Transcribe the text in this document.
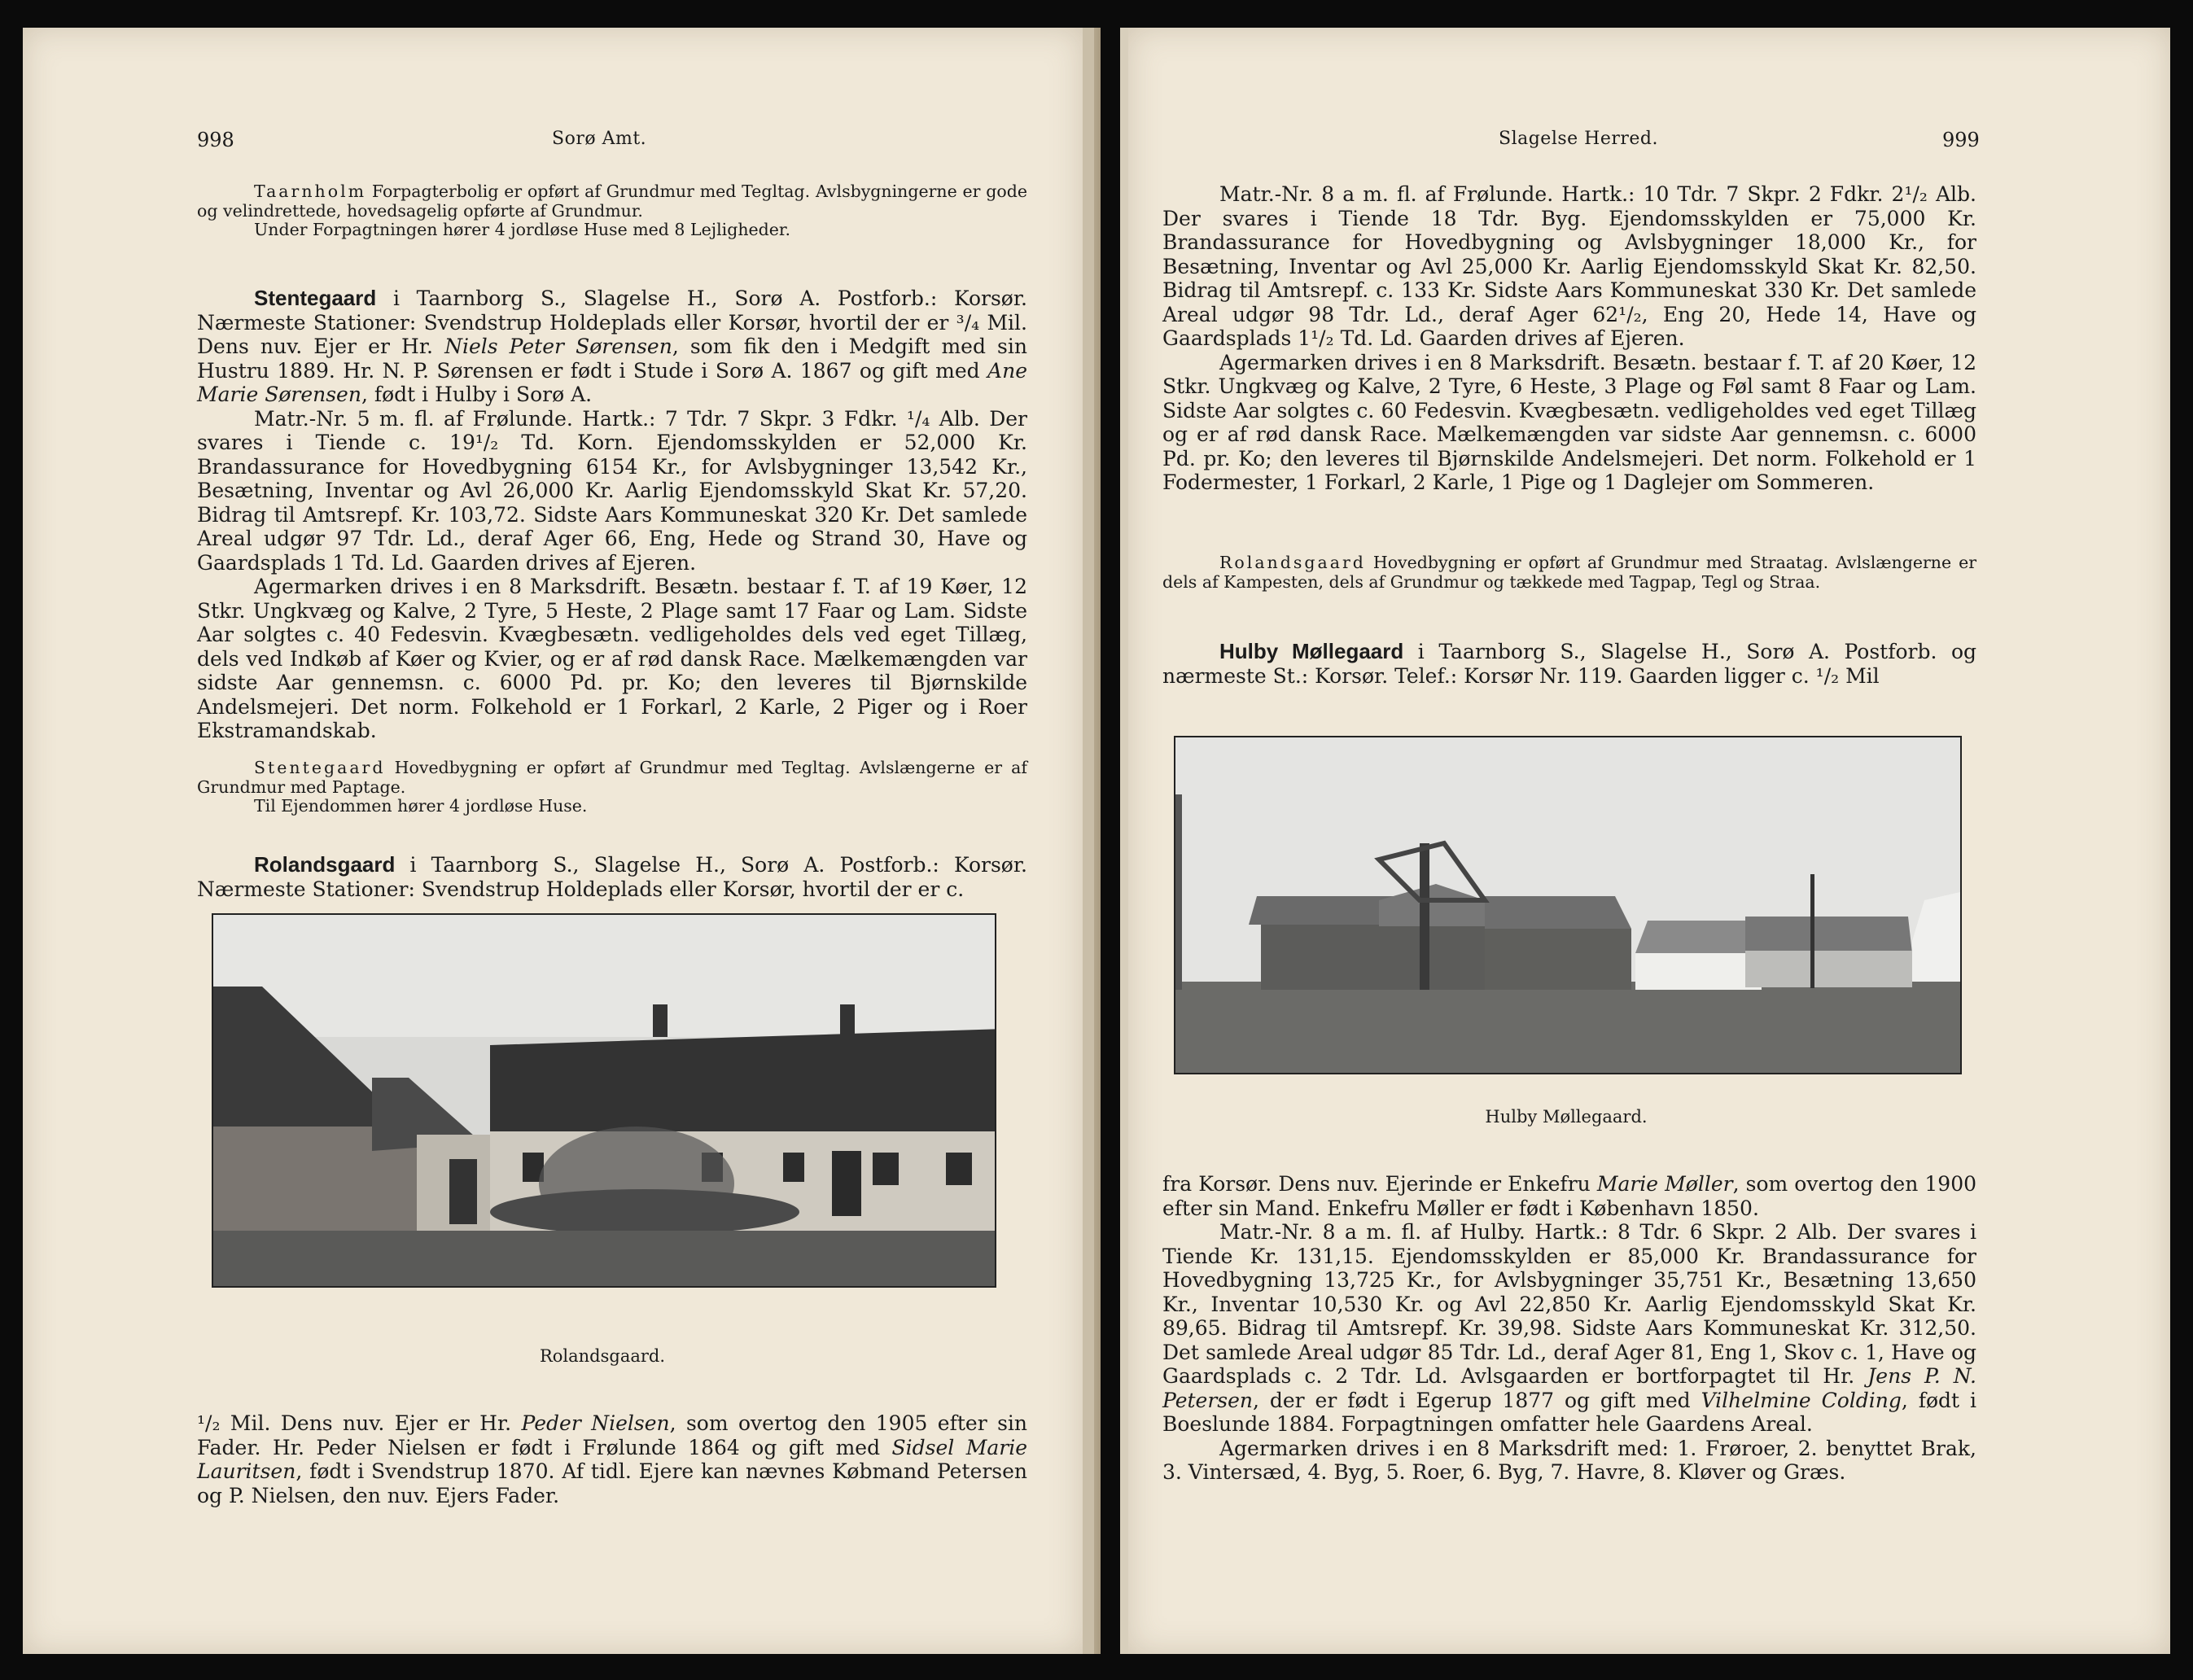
998	Sorø Amt.

Taarnholm Forpagterbolig er opført af Grundmur med Tegltag. Avlsbygningerne er gode og velindrettede, hovedsagelig opførte af Grundmur.

Under Forpagtningen hører 4 jordløse Huse med 8 Lejligheder.

Stentegaard i Taarnborg S., Slagelse H., Sorø A. Postforb.: Korsør. Nærmeste Stationer: Svendstrup Holdeplads eller Korsør, hvortil der er ³/₄ Mil. Dens nuv. Ejer er Hr. Niels Peter Sørensen, som fik den i Medgift med sin Hustru 1889. Hr. N. P. Sørensen er født i Stude i Sorø A. 1867 og gift med Ane Marie Sørensen, født i Hulby i Sorø A.

Matr.-Nr. 5 m. fl. af Frølunde. Hartk.: 7 Tdr. 7 Skpr. 3 Fdkr. ¹/₄ Alb. Der svares i Tiende c. 19¹/₂ Td. Korn. Ejendomsskylden er 52,000 Kr. Brandassurance for Hovedbygning 6154 Kr., for Avlsbygninger 13,542 Kr., Besætning, Inventar og Avl 26,000 Kr. Aarlig Ejendomsskyld Skat Kr. 57,20. Bidrag til Amtsrepf. Kr. 103,72. Sidste Aars Kommuneskat 320 Kr. Det samlede Areal udgør 97 Tdr. Ld., deraf Ager 66, Eng, Hede og Strand 30, Have og Gaardsplads 1 Td. Ld. Gaarden drives af Ejeren.

Agermarken drives i en 8 Marksdrift. Besætn. bestaar f. T. af 19 Køer, 12 Stkr. Ungkvæg og Kalve, 2 Tyre, 5 Heste, 2 Plage samt 17 Faar og Lam. Sidste Aar solgtes c. 40 Fedesvin. Kvægbesætn. vedligeholdes dels ved eget Tillæg, dels ved Indkøb af Køer og Kvier, og er af rød dansk Race. Mælkemængden var sidste Aar gennemsn. c. 6000 Pd. pr. Ko; den leveres til Bjørnskilde Andelsmejeri. Det norm. Folkehold er 1 Forkarl, 2 Karle, 2 Piger og i Roer Ekstramandskab.

Stentegaard Hovedbygning er opført af Grundmur med Tegltag. Avlslængerne er af Grundmur med Paptage.

Til Ejendommen hører 4 jordløse Huse.

Rolandsgaard i Taarnborg S., Slagelse H., Sorø A. Postforb.: Korsør. Nærmeste Stationer: Svendstrup Holdeplads eller Korsør, hvortil der er c.

Rolandsgaard.

¹/₂ Mil. Dens nuv. Ejer er Hr. Peder Nielsen, som overtog den 1905 efter sin Fader. Hr. Peder Nielsen er født i Frølunde 1864 og gift med Sidsel Marie Lauritsen, født i Svendstrup 1870. Af tidl. Ejere kan nævnes Købmand Petersen og P. Nielsen, den nuv. Ejers Fader.

Slagelse Herred.	999

Matr.-Nr. 8 a m. fl. af Frølunde. Hartk.: 10 Tdr. 7 Skpr. 2 Fdkr. 2¹/₂ Alb. Der svares i Tiende 18 Tdr. Byg. Ejendomsskylden er 75,000 Kr. Brandassurance for Hovedbygning og Avlsbygninger 18,000 Kr., for Besætning, Inventar og Avl 25,000 Kr. Aarlig Ejendomsskyld Skat Kr. 82,50. Bidrag til Amtsrepf. c. 133 Kr. Sidste Aars Kommuneskat 330 Kr. Det samlede Areal udgør 98 Tdr. Ld., deraf Ager 62¹/₂, Eng 20, Hede 14, Have og Gaardsplads 1¹/₂ Td. Ld. Gaarden drives af Ejeren.

Agermarken drives i en 8 Marksdrift. Besætn. bestaar f. T. af 20 Køer, 12 Stkr. Ungkvæg og Kalve, 2 Tyre, 6 Heste, 3 Plage og Føl samt 8 Faar og Lam. Sidste Aar solgtes c. 60 Fedesvin. Kvægbesætn. vedligeholdes ved eget Tillæg og er af rød dansk Race. Mælkemængden var sidste Aar gennemsn. c. 6000 Pd. pr. Ko; den leveres til Bjørnskilde Andelsmejeri. Det norm. Folkehold er 1 Fodermester, 1 Forkarl, 2 Karle, 1 Pige og 1 Daglejer om Sommeren.

Rolandsgaard Hovedbygning er opført af Grundmur med Straatag. Avlslængerne er dels af Kampesten, dels af Grundmur og tækkede med Tagpap, Tegl og Straa.

Hulby Møllegaard i Taarnborg S., Slagelse H., Sorø A. Postforb. og nærmeste St.: Korsør. Telef.: Korsør Nr. 119. Gaarden ligger c. ¹/₂ Mil

Hulby Møllegaard.

fra Korsør. Dens nuv. Ejerinde er Enkefru Marie Møller, som overtog den 1900 efter sin Mand. Enkefru Møller er født i København 1850.

Matr.-Nr. 8 a m. fl. af Hulby. Hartk.: 8 Tdr. 6 Skpr. 2 Alb. Der svares i Tiende Kr. 131,15. Ejendomsskylden er 85,000 Kr. Brandassurance for Hovedbygning 13,725 Kr., for Avlsbygninger 35,751 Kr., Besætning 13,650 Kr., Inventar 10,530 Kr. og Avl 22,850 Kr. Aarlig Ejendomsskyld Skat Kr. 89,65. Bidrag til Amtsrepf. Kr. 39,98. Sidste Aars Kommuneskat Kr. 312,50. Det samlede Areal udgør 85 Tdr. Ld., deraf Ager 81, Eng 1, Skov c. 1, Have og Gaardsplads c. 2 Tdr. Ld. Avlsgaarden er bortforpagtet til Hr. Jens P. N. Petersen, der er født i Egerup 1877 og gift med Vilhelmine Colding, født i Boeslunde 1884. Forpagtningen omfatter hele Gaardens Areal.

Agermarken drives i en 8 Marksdrift med: 1. Frøroer, 2. benyttet Brak, 3. Vintersæd, 4. Byg, 5. Roer, 6. Byg, 7. Havre, 8. Kløver og Græs.
